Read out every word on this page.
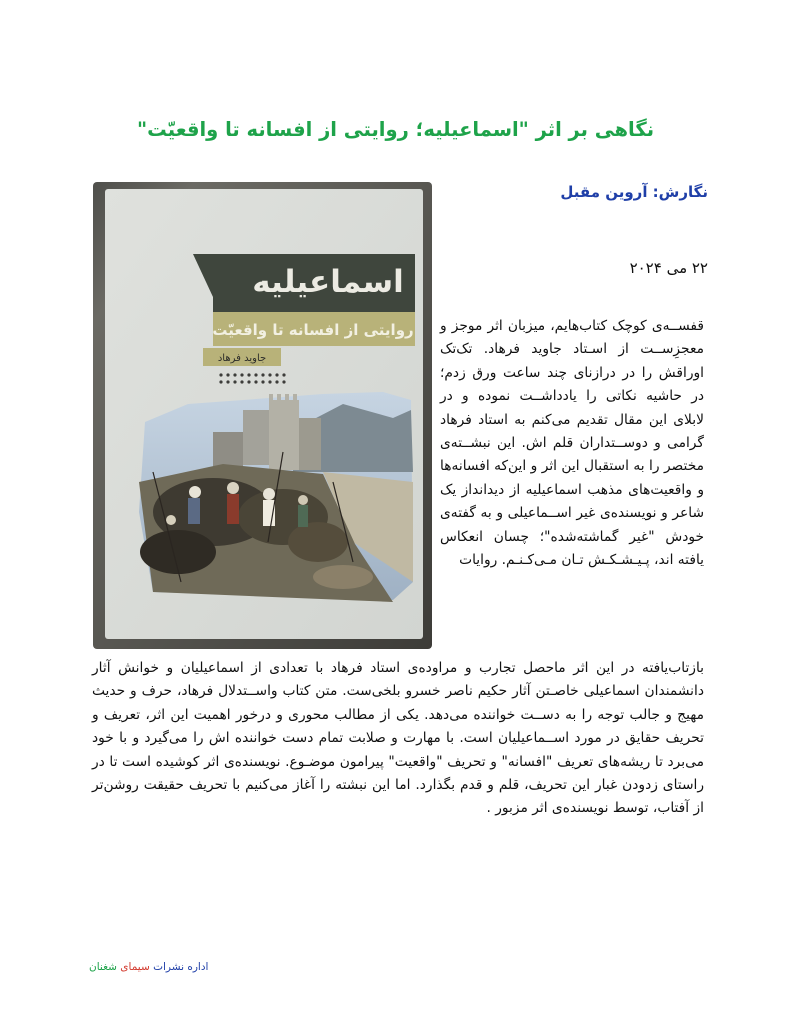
نگاهی بر اثر "اسماعیلیه؛ روایتی از افسانه تا واقعیّت"
نگارش: آروین مقبل
۲۲ می ۲۰۲۴
اسماعیلیه
روایتی از افسانه تا واقعیّت
جاوید فرهاد
قفســه‌ی کوچک کتاب‌هایم، میزبان اثر موجز و معجزِ‌ســت از اسـتاد جاوید فرهاد. تک‌تک اوراقش را در درازنای چند ساعت ورق زدم؛ در حاشیه نکاتی را یادداشــت نموده و در لابلای این مقال تقدیم می‌کنم به استاد فرهاد گرامی و دوســتداران قلم اش. این نبشــته‌ی مختصر را به استقبال این اثر و این‌که افسانه‌ها و واقعیت‌های مذهب اسماعیلیه از دیدانداز یک شاعر و نویسنده‌ی غیر اســماعیلی و به گفته‌ی خودش "غیر گماشته‌شده"؛ چسان انعکاس یافته اند، پـیـشـکـش تـان مـی‌کـنـم. روایات
بازتاب‌یافته در این اثر ماحصل تجارب و مراوده‌ی استاد فرهاد با تعدادی از اسماعیلیان و خوانش آثار دانشمندان اسماعیلی خاصـتن آثار حکیم ناصر خسرو بلخی‌ست. متن کتاب واســتدلال فرهاد، حرف و حدیث مهیج و جالب توجه را به دســت خواننده می‌دهد. یکی از مطالب محوری و درخور اهمیت این اثر، تعریف و تحریف حقایق در مورد اســماعیلیان است. با مهارت و صلابت تمام دست خواننده اش را می‌گیرد و با خود می‌برد تا ریشه‌های تعریف "افسانه" و تحریف "واقعیت" پیرامون موضـوع. نویسنده‌ی اثر کوشیده است تا در راستای زدودن غبار این تحریف، قلم و قدم بگذارد. اما این نبشته را آغاز می‌کنیم با تحریف حقیقت روشن‌تر از آفتاب، توسط نویسنده‌ی اثر مزبور .
اداره نشرات سیمای شغنان
